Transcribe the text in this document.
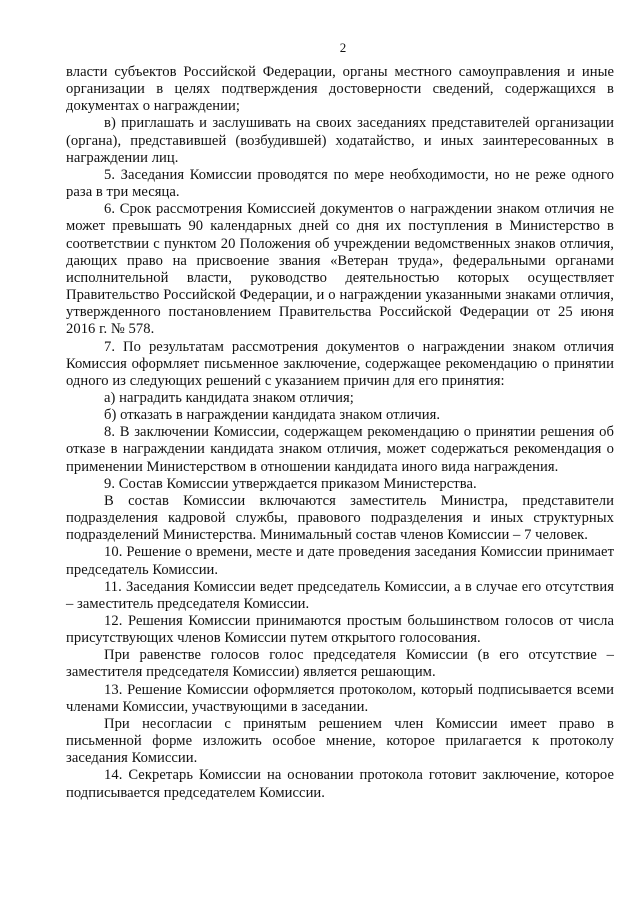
2

власти субъектов Российской Федерации, органы местного самоуправления и иные организации в целях подтверждения достоверности сведений, содержащихся в документах о награждении;

в) приглашать и заслушивать на своих заседаниях представителей организации (органа), представившей (возбудившей) ходатайство, и иных заинтересованных в награждении лиц.

5. Заседания Комиссии проводятся по мере необходимости, но не реже одного раза в три месяца.

6. Срок рассмотрения Комиссией документов о награждении знаком отличия не может превышать 90 календарных дней со дня их поступления в Министерство в соответствии с пунктом 20 Положения об учреждении ведомственных знаков отличия, дающих право на присвоение звания «Ветеран труда», федеральными органами исполнительной власти, руководство деятельностью которых осуществляет Правительство Российской Федерации, и о награждении указанными знаками отличия, утвержденного постановлением Правительства Российской Федерации от 25 июня 2016 г. № 578.

7. По результатам рассмотрения документов о награждении знаком отличия Комиссия оформляет письменное заключение, содержащее рекомендацию о принятии одного из следующих решений с указанием причин для его принятия:

а) наградить кандидата знаком отличия;

б) отказать в награждении кандидата знаком отличия.

8. В заключении Комиссии, содержащем рекомендацию о принятии решения об отказе в награждении кандидата знаком отличия, может содержаться рекомендация о применении Министерством в отношении кандидата иного вида награждения.

9. Состав Комиссии утверждается приказом Министерства.

В состав Комиссии включаются заместитель Министра, представители подразделения кадровой службы, правового подразделения и иных структурных подразделений Министерства. Минимальный состав членов Комиссии – 7 человек.

10. Решение о времени, месте и дате проведения заседания Комиссии принимает председатель Комиссии.

11. Заседания Комиссии ведет председатель Комиссии, а в случае его отсутствия – заместитель председателя Комиссии.

12. Решения Комиссии принимаются простым большинством голосов от числа присутствующих членов Комиссии путем открытого голосования.

При равенстве голосов голос председателя Комиссии (в его отсутствие – заместителя председателя Комиссии) является решающим.

13. Решение Комиссии оформляется протоколом, который подписывается всеми членами Комиссии, участвующими в заседании.

При несогласии с принятым решением член Комиссии имеет право в письменной форме изложить особое мнение, которое прилагается к протоколу заседания Комиссии.

14. Секретарь Комиссии на основании протокола готовит заключение, которое подписывается председателем Комиссии.
